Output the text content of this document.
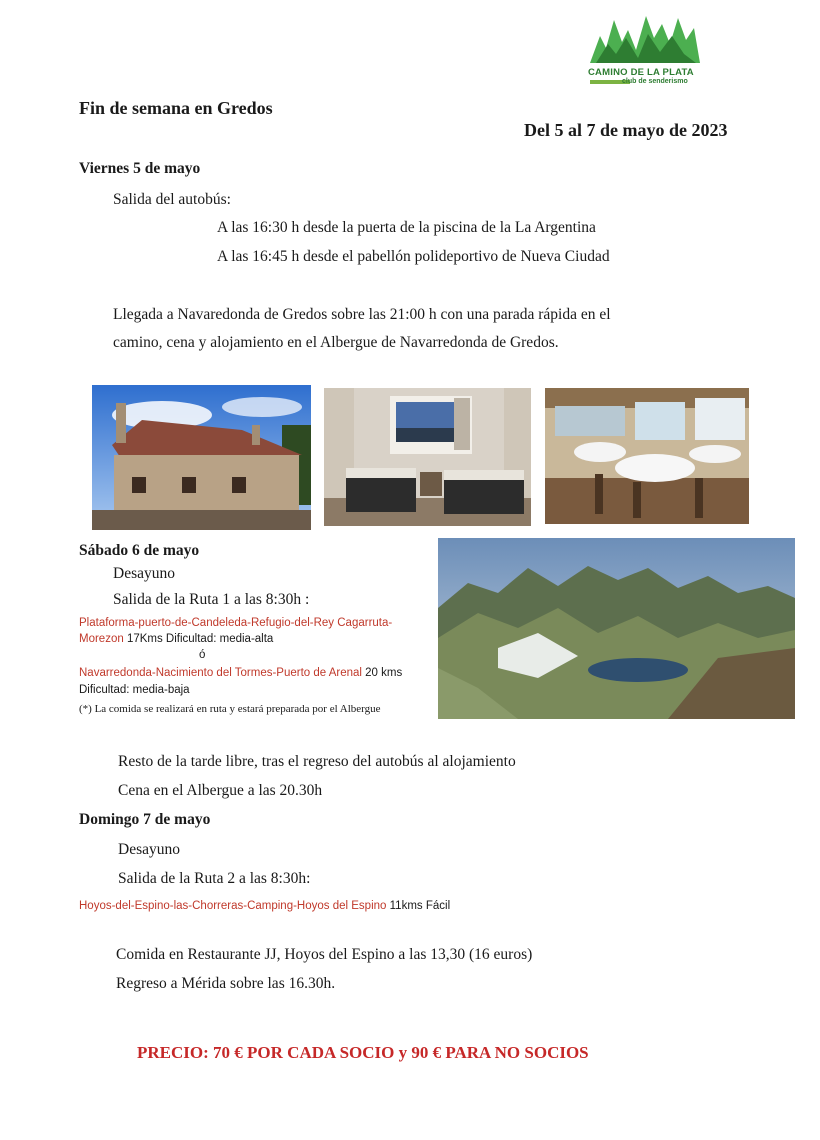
CAMINO DE LA PLATA
club de senderismo
Fin de semana en Gredos
Del 5 al 7 de mayo de 2023
Viernes 5 de mayo
Salida del autobús:
A las 16:30 h desde la puerta de la piscina de la La Argentina
A las 16:45 h desde el pabellón polideportivo de Nueva Ciudad
Llegada a Navaredonda de Gredos sobre las 21:00 h con una parada rápida en el
camino, cena y alojamiento en el Albergue de Navarredonda de Gredos.
Sábado 6 de mayo
Desayuno
Salida de la Ruta 1 a las 8:30h :
Plataforma-puerto-de-Candeleda-Refugio-del-Rey Cagarruta-
Morezon 17Kms Dificultad: media-alta
ó
Navarredonda-Nacimiento del Tormes-Puerto de Arenal 20 kms
Dificultad: media-baja
(*) La comida se realizará en ruta y estará preparada por el Albergue
Resto de la tarde libre, tras el regreso del autobús al alojamiento
Cena en el Albergue a las 20.30h
Domingo 7 de mayo
Desayuno
Salida de la Ruta 2 a las 8:30h:
Hoyos-del-Espino-las-Chorreras-Camping-Hoyos del Espino 11kms Fácil
Comida en Restaurante JJ, Hoyos del Espino a las 13,30 (16 euros)
Regreso a Mérida sobre las 16.30h.
PRECIO: 70 € POR CADA SOCIO y 90 € PARA NO SOCIOS
